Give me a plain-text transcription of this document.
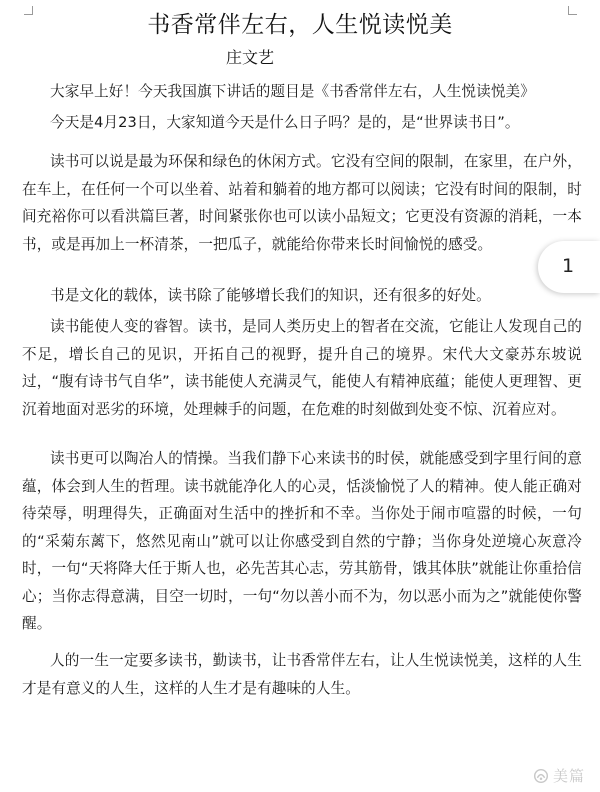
书香常伴左右，人生悦读悦美
庄文艺

大家早上好！今天我国旗下讲话的题目是《书香常伴左右，人生悦读悦美》

今天是4月23日，大家知道今天是什么日子吗？是的，是“世界读书日”。

读书可以说是最为环保和绿色的休闲方式。它没有空间的限制，在家里，在户外，在车上，在任何一个可以坐着、站着和躺着的地方都可以阅读；它没有时间的限制，时间充裕你可以看洪篇巨著，时间紧张你也可以读小品短文；它更没有资源的消耗，一本书，或是再加上一杯清茶，一把瓜子，就能给你带来长时间愉悦的感受。

书是文化的载体，读书除了能够增长我们的知识，还有很多的好处。

读书能使人变的睿智。读书，是同人类历史上的智者在交流，它能让人发现自己的不足，增长自己的见识，开拓自己的视野，提升自己的境界。宋代大文豪苏东坡说过，“腹有诗书气自华”，读书能使人充满灵气，能使人有精神底蕴；能使人更理智、更沉着地面对恶劣的环境，处理棘手的问题，在危难的时刻做到处变不惊、沉着应对。

读书更可以陶冶人的情操。当我们静下心来读书的时侯，就能感受到字里行间的意蕴，体会到人生的哲理。读书就能净化人的心灵，恬淡愉悦了人的精神。使人能正确对待荣辱，明理得失，正确面对生活中的挫折和不幸。当你处于闹市喧嚣的时候，一句的“采菊东蓠下，悠然见南山”就可以让你感受到自然的宁静；当你身处逆境心灰意冷时，一句“天将降大任于斯人也，必先苦其心志，劳其筋骨，饿其体肤”就能让你重拾信心；当你志得意满，目空一切时，一句“勿以善小而不为，勿以恶小而为之”就能使你警醒。

人的一生一定要多读书，勤读书，让书香常伴左右，让人生悦读悦美，这样的人生才是有意义的人生，这样的人生才是有趣味的人生。

1
美篇
